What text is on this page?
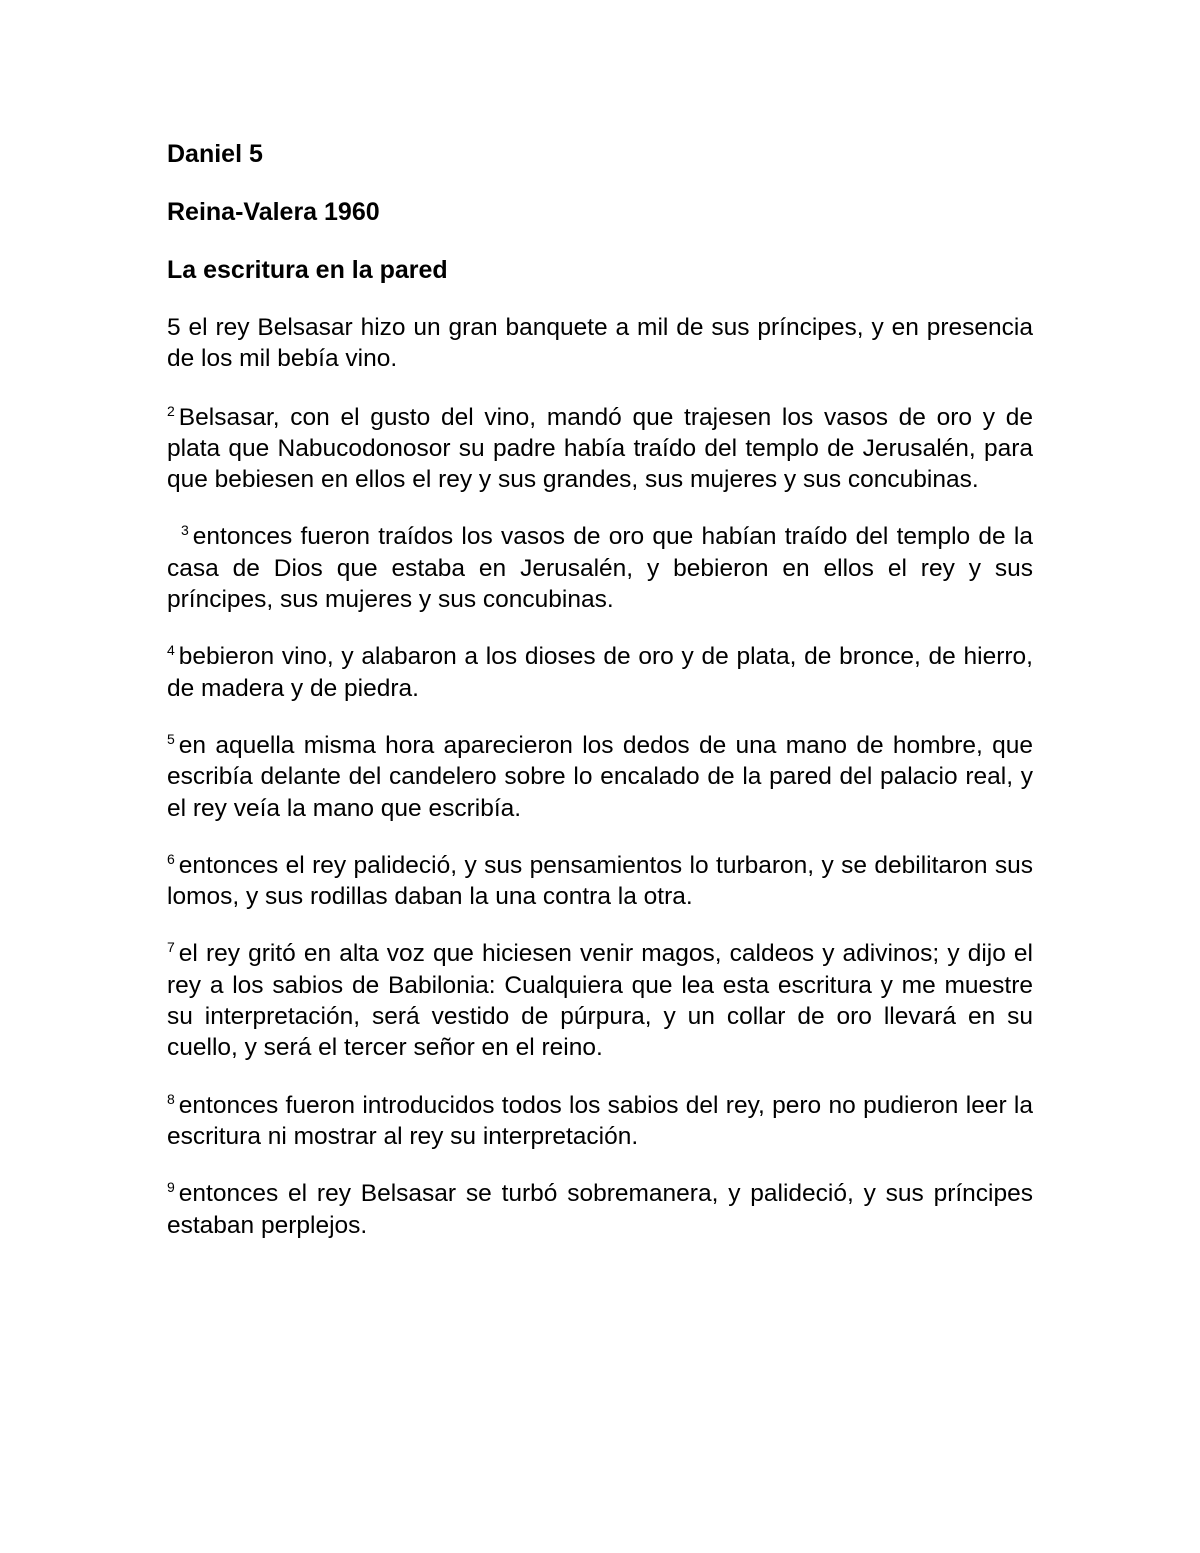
Daniel 5
Reina-Valera 1960
La escritura en la pared

5 el rey Belsasar hizo un gran banquete a mil de sus príncipes, y en presencia de los mil bebía vino.

$^2$ Belsasar, con el gusto del vino, mandó que trajesen los vasos de oro y de plata que Nabucodonosor su padre había traído del templo de Jerusalén, para que bebiesen en ellos el rey y sus grandes, sus mujeres y sus concubinas.

$^3$ entonces fueron traídos los vasos de oro que habían traído del templo de la casa de Dios que estaba en Jerusalén, y bebieron en ellos el rey y sus príncipes, sus mujeres y sus concubinas.

$^4$ bebieron vino, y alabaron a los dioses de oro y de plata, de bronce, de hierro, de madera y de piedra.

$^5$ en aquella misma hora aparecieron los dedos de una mano de hombre, que escribía delante del candelero sobre lo encalado de la pared del palacio real, y el rey veía la mano que escribía.

$^6$ entonces el rey palideció, y sus pensamientos lo turbaron, y se debilitaron sus lomos, y sus rodillas daban la una contra la otra.

$^7$ el rey gritó en alta voz que hiciesen venir magos, caldeos y adivinos; y dijo el rey a los sabios de Babilonia: Cualquiera que lea esta escritura y me muestre su interpretación, será vestido de púrpura, y un collar de oro llevará en su cuello, y será el tercer señor en el reino.

$^8$ entonces fueron introducidos todos los sabios del rey, pero no pudieron leer la escritura ni mostrar al rey su interpretación.

$^9$ entonces el rey Belsasar se turbó sobremanera, y palideció, y sus príncipes estaban perplejos.
